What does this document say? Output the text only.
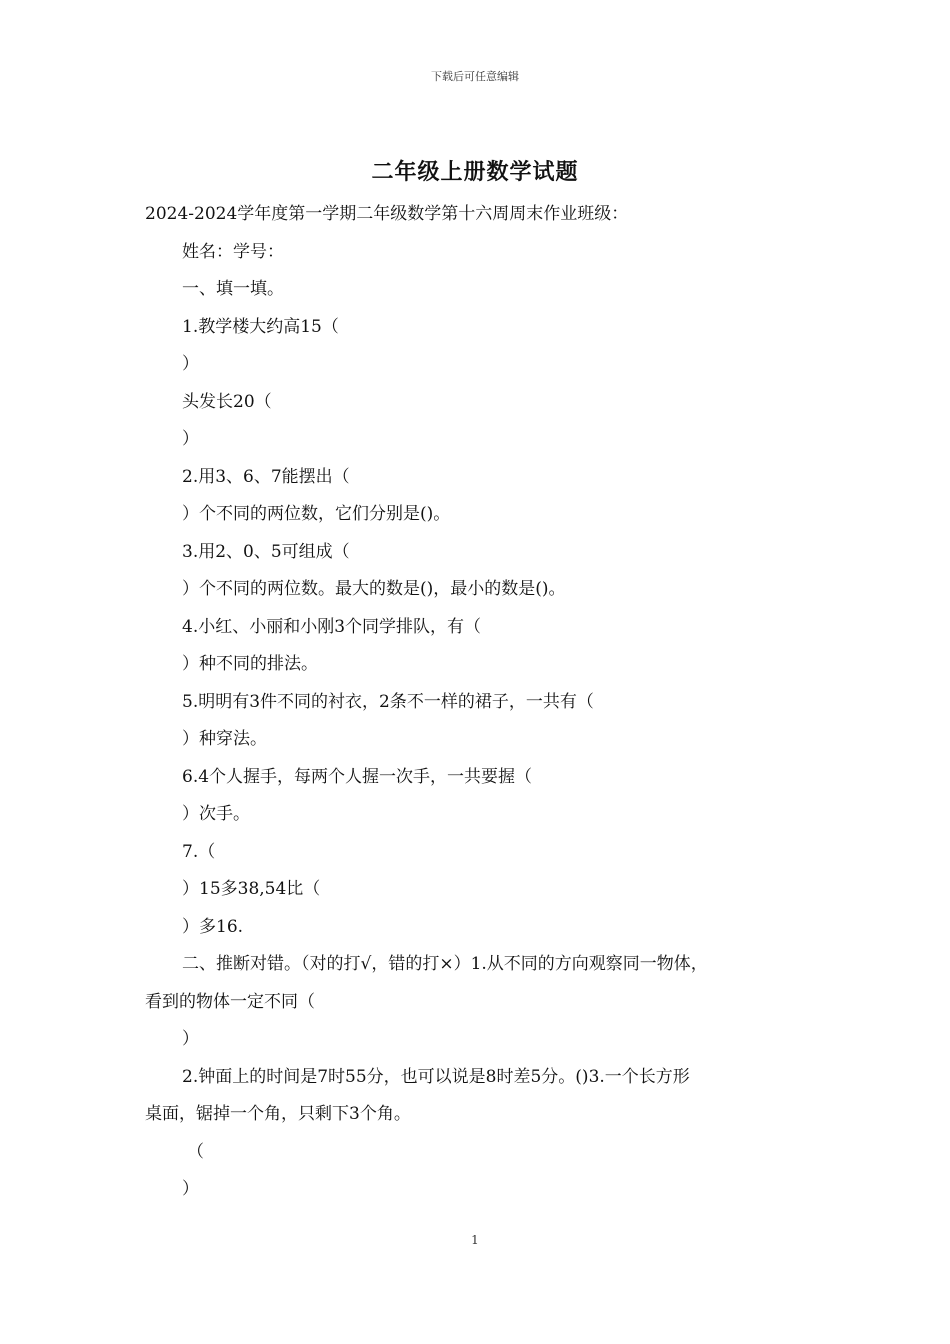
下载后可任意编辑
二年级上册数学试题
2024-2024学年度第一学期二年级数学第十六周周末作业班级：
姓名：学号：
一、填一填。
1.教学楼大约高15（
）
头发长20（
）
2.用3、6、7能摆出（
）个不同的两位数，它们分别是()。
3.用2、0、5可组成（
）个不同的两位数。最大的数是()，最小的数是()。
4.小红、小丽和小刚3个同学排队，有（
）种不同的排法。
5.明明有3件不同的衬衣，2条不一样的裙子，一共有（
）种穿法。
6.4个人握手，每两个人握一次手，一共要握（
）次手。
7.（
）15多38,54比（
）多16.
二、推断对错。（对的打√，错的打×）1.从不同的方向观察同一物体，
看到的物体一定不同（
）
2.钟面上的时间是7时55分，也可以说是8时差5分。()3.一个长方形
桌面，锯掉一个角，只剩下3个角。
（
）
1
